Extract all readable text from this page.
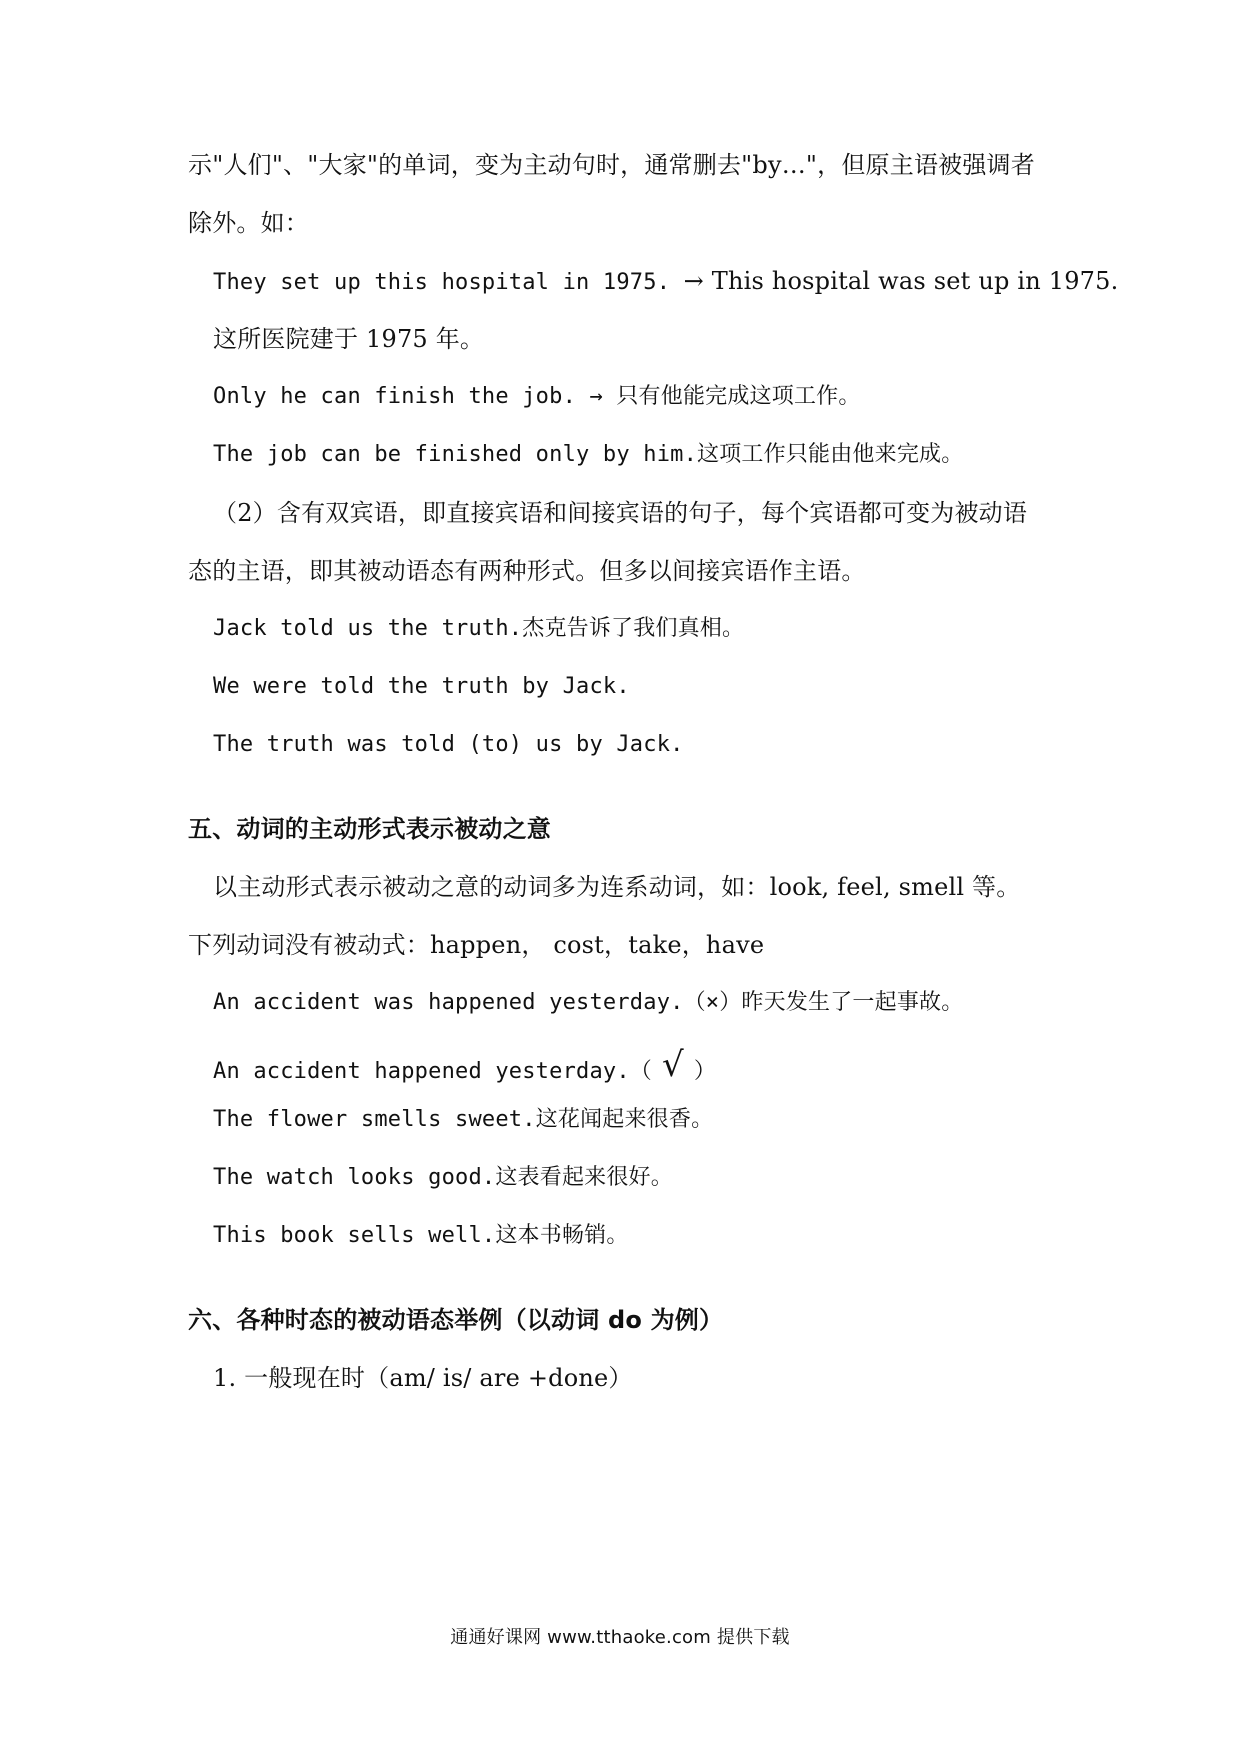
示"人们"、"大家"的单词，变为主动句时，通常删去"by…"，但原主语被强调者
除外。如：
They set up this hospital in 1975. → This hospital was set up in 1975.
这所医院建于 1975 年。
Only he can finish the job. → 只有他能完成这项工作。
The job can be finished only by him.这项工作只能由他来完成。
（2）含有双宾语，即直接宾语和间接宾语的句子，每个宾语都可变为被动语
态的主语，即其被动语态有两种形式。但多以间接宾语作主语。
Jack told us the truth.杰克告诉了我们真相。
We were told the truth by Jack.
The truth was told (to) us by Jack.
五、动词的主动形式表示被动之意
以主动形式表示被动之意的动词多为连系动词，如：look, feel, smell 等。
下列动词没有被动式：happen， cost，take，have
An accident was happened yesterday.（×）昨天发生了一起事故。
An accident happened yesterday.（ √ ）
The flower smells sweet.这花闻起来很香。
The watch looks good.这表看起来很好。
This book sells well.这本书畅销。
六、各种时态的被动语态举例（以动词 do 为例）
1. 一般现在时（am/ is/ are +done）
通通好课网 www.tthaoke.com 提供下载
